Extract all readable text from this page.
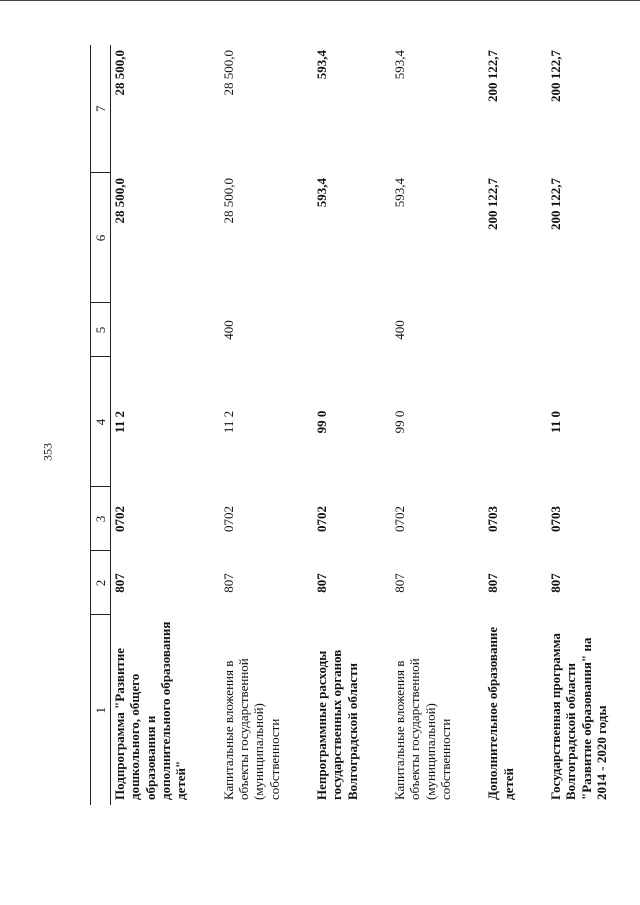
353
1	2	3	4	5	6	7
Подпрограмма "Развитие дошкольного, общего образования и дополнительного образования детей"	807	0702	11 2		28 500,0	28 500,0
Капитальные вложения в объекты государственной (муниципальной) собственности	807	0702	11 2	400	28 500,0	28 500,0
Непрограммные расходы государственных органов Волгоградской области	807	0702	99 0		593,4	593,4
Капитальные вложения в объекты государственной (муниципальной) собственности	807	0702	99 0	400	593,4	593,4
Дополнительное образование детей	807	0703			200 122,7	200 122,7
Государственная программа Волгоградской области "Развитие образования" на 2014 - 2020 годы	807	0703	11 0		200 122,7	200 122,7
